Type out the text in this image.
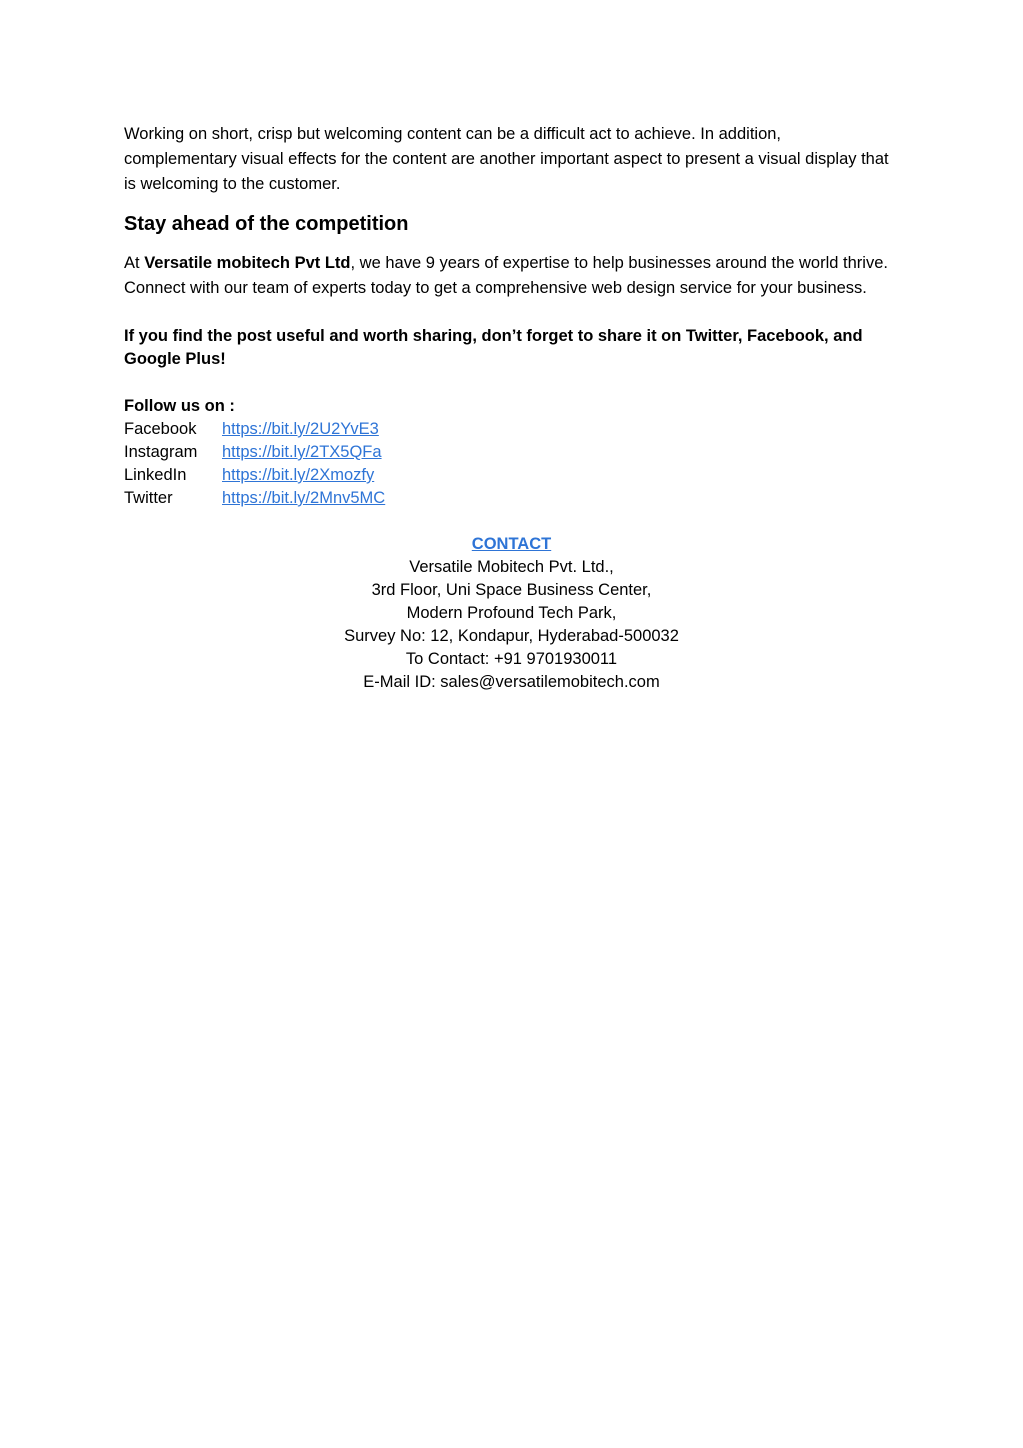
Working on short, crisp but welcoming content can be a difficult act to achieve. In addition, complementary visual effects for the content are another important aspect to present a visual display that is welcoming to the customer.

Stay ahead of the competition

At Versatile mobitech Pvt Ltd, we have 9 years of expertise to help businesses around the world thrive. Connect with our team of experts today to get a comprehensive web design service for your business.

If you find the post useful and worth sharing, don’t forget to share it on Twitter, Facebook, and Google Plus!

Follow us on :
Facebook	https://bit.ly/2U2YvE3
Instagram	https://bit.ly/2TX5QFa
LinkedIn	https://bit.ly/2Xmozfy
Twitter	https://bit.ly/2Mnv5MC
CONTACT
Versatile Mobitech Pvt. Ltd.,
3rd Floor, Uni Space Business Center,
Modern Profound Tech Park,
Survey No: 12, Kondapur, Hyderabad-500032
To Contact: +91 9701930011
E-Mail ID: sales@versatilemobitech.com
